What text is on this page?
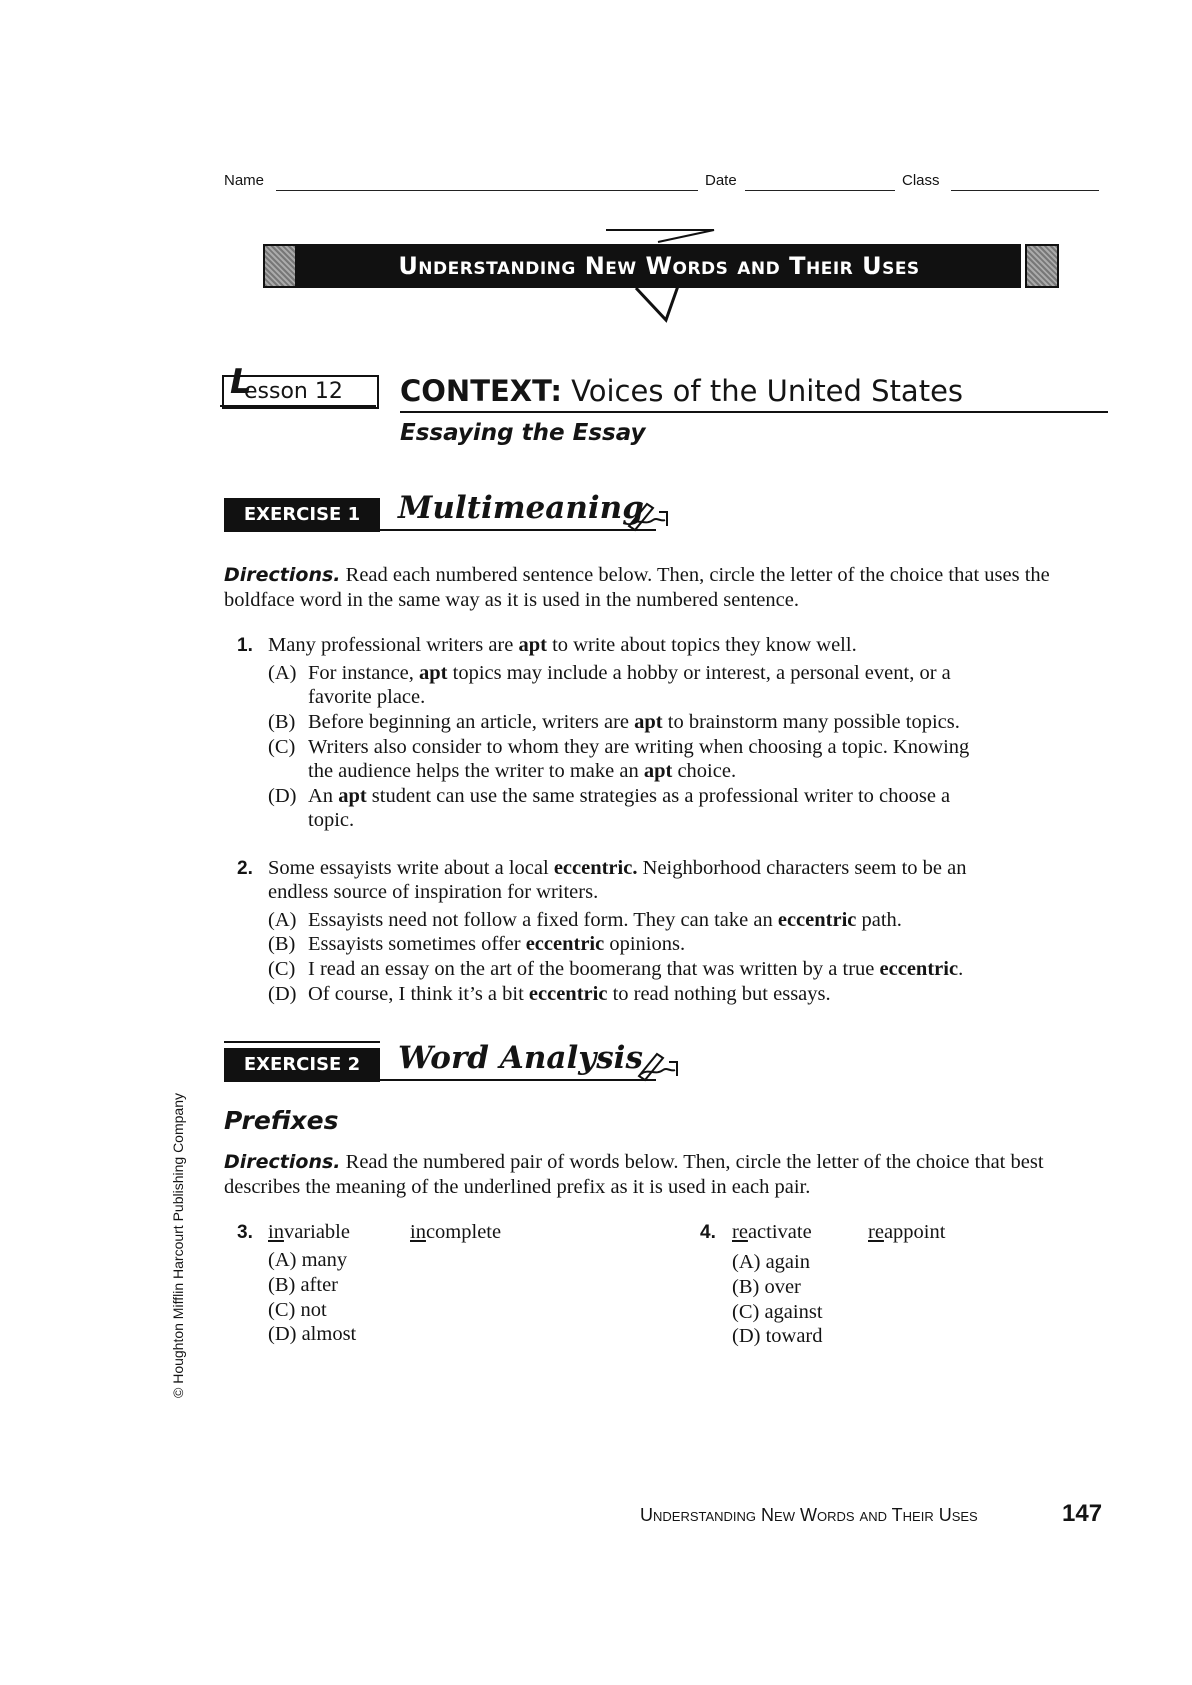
Name	Date	Class
Understanding New Words and Their Uses
L
esson 12	CONTEXT: Voices of the United States
Essaying the Essay
EXERCISE 1	Multimeaning
Directions. Read each numbered sentence below. Then, circle the letter of the choice that uses the boldface word in the same way as it is used in the numbered sentence.
1. Many professional writers are apt to write about topics they know well.
(A) For instance, apt topics may include a hobby or interest, a personal event, or a
favorite place.
(B) Before beginning an article, writers are apt to brainstorm many possible topics.
(C) Writers also consider to whom they are writing when choosing a topic. Knowing
the audience helps the writer to make an apt choice.
(D) An apt student can use the same strategies as a professional writer to choose a
topic.
2. Some essayists write about a local eccentric. Neighborhood characters seem to be an
endless source of inspiration for writers.
(A) Essayists need not follow a fixed form. They can take an eccentric path.
(B) Essayists sometimes offer eccentric opinions.
(C) I read an essay on the art of the boomerang that was written by a true eccentric.
(D) Of course, I think it’s a bit eccentric to read nothing but essays.
EXERCISE 2	Word Analysis
Prefixes
Directions. Read the numbered pair of words below. Then, circle the letter of the choice that best describes the meaning of the underlined prefix as it is used in each pair.
3. invariable	incomplete
(A) many
(B) after
(C) not
(D) almost
4. reactivate	reappoint
(A) again
(B) over
(C) against
(D) toward
© Houghton Mifflin Harcourt Publishing Company
Understanding New Words and Their Uses	147
